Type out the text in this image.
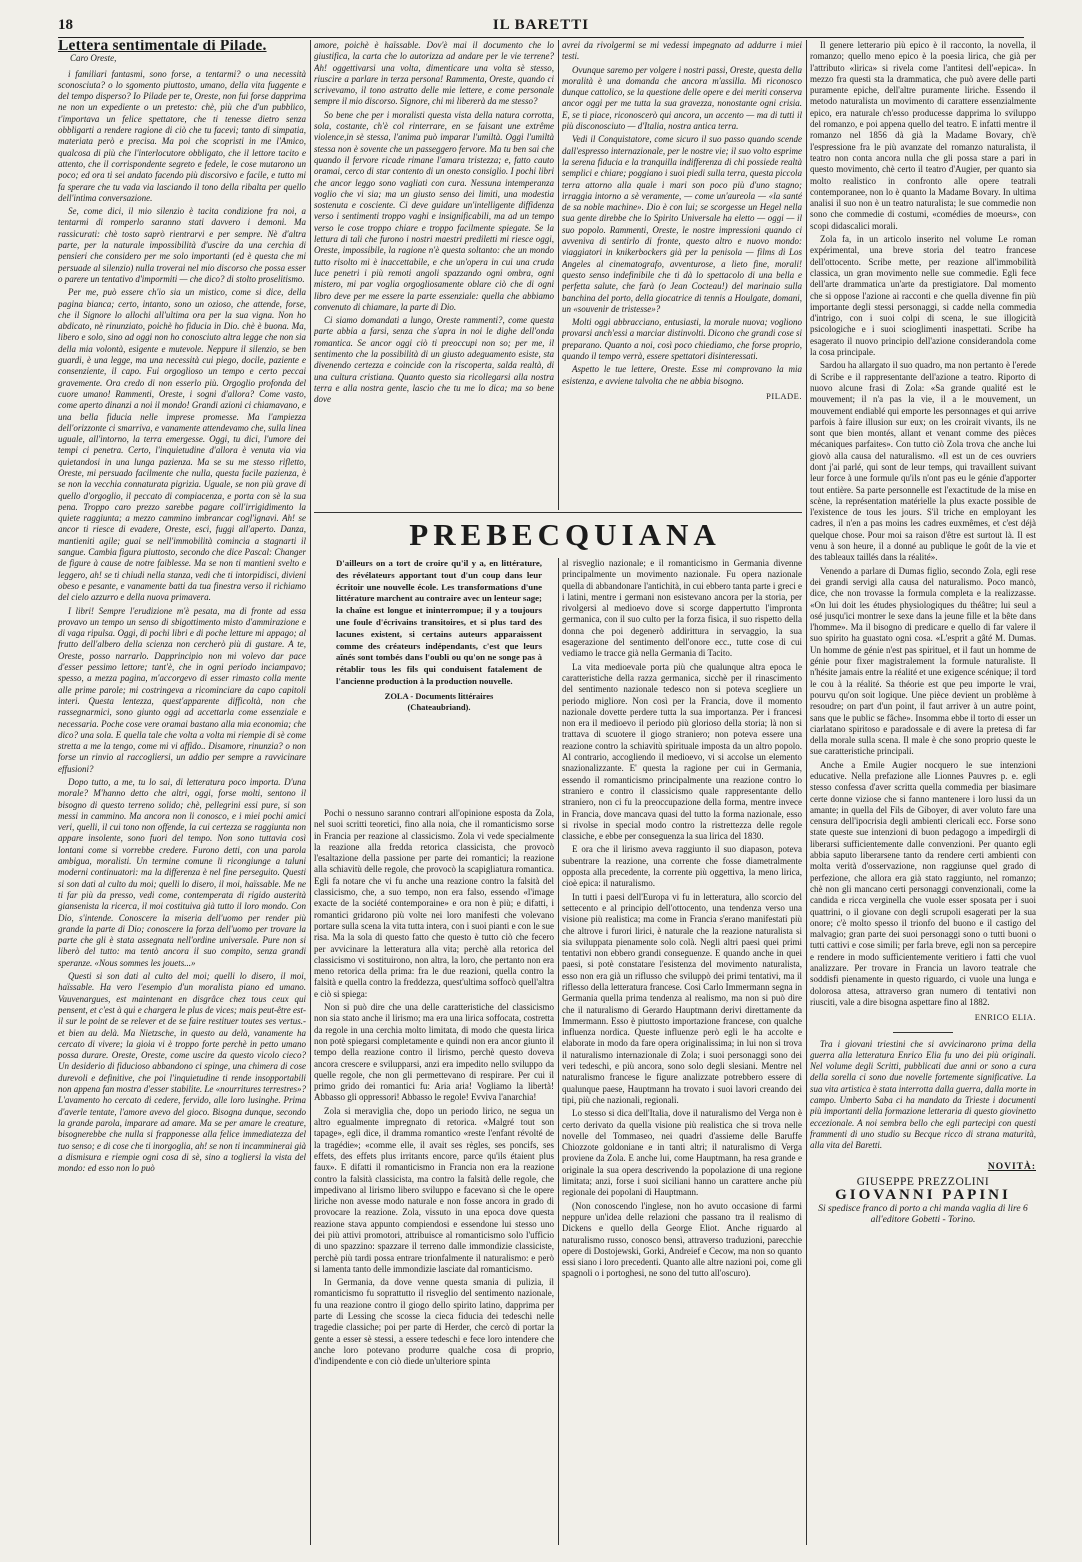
18	IL BARETTI

Lettera sentimentale di Pilade.

Caro Oreste,

i familiari fantasmi, sono forse, a tentarmi? o una necessità sconosciuta? o lo sgomento piuttosto, umano, della vita fuggente e del tempo disperso? Io Pilade per te, Oreste, non fui forse dapprima ne non un expediente o un pretesto: chè, più che d'un pubblico, t'importava un felice spettatore, che ti tenesse dietro senza obbligarti a rendere ragione di ciò che tu facevi; tanto di simpatia, materiata però e precisa. Ma poi che scopristi in me l'Amico, qualcosa di più che l'interlocutore obbligato, che il lettore tacito e attento, che il corrispondente segreto e fedele, le cose mutarono un poco; ed ora ti sei andato facendo più discorsivo e facile, e tutto mi fa sperare che tu vada via lasciando il tono della ribalta per quello dell'intima conversazione.

Se, come dici, il mio silenzio è tacita condizione fra noi, a tentarmi di romperlo saranno stati davvero i demoni. Ma rassicurati: chè tosto saprò rientrarvi e per sempre. Nè d'altra parte, per la naturale impossibilità d'uscire da una cerchia di pensieri che considero per me solo importanti (ed è questa che mi persuade al silenzio) nulla troverai nel mio discorso che possa esser o parere un tentativo d'impormiti — che dico? di stolto proselitismo.

Per me, può essere ch'io sia un mistico, come si dice, della pagina bianca; certo, intanto, sono un ozioso, che attende, forse, che il Signore lo allochi all'ultima ora per la sua vigna. Non ho abdicato, nè rinunziato, poichè ho fiducia in Dio. chè è buona. Ma, libero e solo, sino ad oggi non ho conosciuto altra legge che non sia della mia volontà, esigente e mutevole. Neppure il silenzio, se ben guardi, è una legge, ma una necessità cui piego, docile, paziente e consenziente, il capo. Fui orgoglioso un tempo e certo peccai gravemente. Ora credo di non esserlo più. Orgoglio profonda del cuore umano! Rammenti, Oreste, i sogni d'allora? Come vasto, come aperto dinanzi a noi il mondo! Grandi azioni ci chiamavano, e una bella fiducia nelle imprese promesse. Ma l'ampiezza dell'orizzonte ci smarriva, e vanamente attendevamo che, sulla linea uguale, all'intorno, la terra emergesse. Oggi, tu dici, l'umore dei tempi ci penetra. Certo, l'inquietudine d'allora è venuta via via quietandosi in una lunga pazienza. Ma se su me stesso rifletto, Oreste, mi persuado facilmente che nulla, questa facile pazienza, è se non la vecchia connaturata pigrizia. Uguale, se non più grave di quello d'orgoglio, il peccato di compiacenza, e porta con sè la sua pena. Troppo caro prezzo sarebbe pagare coll'irrigidimento la quiete raggiunta; a mezzo cammino imbrancar cogl'ignavi. Ah! se ancor ti riesce di evadere, Oreste, esci, fuggi all'aperto. Danza, mantieniti agile; guai se nell'immobilità comincia a stagnarti il sangue. Cambia figura piuttosto, secondo che dice Pascal: Changer de figure à cause de notre faiblesse. Ma se non ti mantieni svelto e leggero, ah! se ti chiudi nella stanza, vedi che ti intorpidisci, divieni obeso e pesante, e vanamente batti da tua finestra verso il richiamo del cielo azzurro e della nuova primavera.

I libri! Sempre l'erudizione m'è pesata, ma di fronte ad essa provavo un tempo un senso di sbigottimento misto d'ammirazione e di vaga ripulsa. Oggi, di pochi libri e di poche letture mi appago; al frutto dell'albero della scienza non cercherò più di gustare. A te, Oreste, posso narrarlo. Dapprincipio non mi volevo dar pace d'esser pessimo lettore; tant'è, che in ogni periodo inciampavo; spesso, a mezza pagina, m'accorgevo di esser rimasto colla mente alle prime parole; mi costringeva a ricominciare da capo capitoli interi. Questa lentezza, quest'apparente difficoltà, non che rassegnarmici, sono giunto oggi ad accettarla come essenziale e necessaria. Poche cose vere oramai bastano alla mia economia; che dico? una sola. E quella tale che volta a volta mi riempie di sè come stretta a me la tengo, come mi vi affido.. Disamore, rinunzia? o non forse un rinvio al raccogliersi, un addio per sempre a ravvicinare effusioni?

Dopo tutto, a me, tu lo sai, di letteratura poco importa. D'una morale? M'hanno detto che altri, oggi, forse molti, sentono il bisogno di questo terreno solido; chè, pellegrini essi pure, si son messi in cammino. Ma ancora non li conosco, e i miei pochi amici veri, quelli, il cui tono non offende, la cui certezza se raggiunta non appare insolente, sono fuori del tempo. Non sono tuttavia così lontani come si vorrebbe credere. Furono detti, con una parola ambigua, moralisti. Un termine comune li ricongiunge a taluni moderni continuatori: ma la differenza è nel fine perseguito. Questi si son dati al culto du moi; quelli lo disero, il moi, haïssable. Me ne ti far più da presso, vedi come, contemperata di rigido austerità giansenista la ricerca, il moi costituiva già tutto il loro mondo. Con Dio, s'intende. Conoscere la miseria dell'uomo per render più grande la parte di Dio; conoscere la forza dell'uomo per trovare la parte che gli è stata assegnata nell'ordine universale. Pure non si liberò del tutto: ma tentò ancora il suo compito, senza grandi speranze. «Nous sommes les jouets...»

Questi si son dati al culto del moi; quelli lo disero, il moi, haïssable. Ha vero l'esempio d'un moralista piano ed umano. Vauvenargues, est maintenant en disgrâce chez tous ceux qui pensent, et c'est à qui e chargera le plus de vices; mais peut-être est-il sur le point de se relever et de se faire restituer toutes ses vertus.- et bien au delà. Ma Nietzsche, in questo au delà, vanamente ha cercato di vivere; la gioia vi è troppo forte perchè in petto umano possa durare. Oreste, Oreste, come uscire da questo vicolo cieco? Un desiderio di fiducioso abbandono ci spinge, una chimera di cose durevoli e definitive, che poi l'inquietudine ti rende insopportabili non appena fan mostra d'esser stabilite. Le «nourritures terrestres»? L'avamento ho cercato di cedere, fervido, alle loro lusinghe. Prima d'averle tentate, l'amore avevo del gioco. Bisogna dunque, secondo la grande parola, imparare ad amare. Ma se per amare le creature, bisognerebbe che nulla si frapponesse alla felice immediatezza del tuo senso; e di cose che ti inorgoglia, ah! se non ti incamminerai già a dismisura e riempie ogni cosa di sè, sino a togliersi la vista del mondo: ed esso non lo può

amore, poichè è haïssable. Dov'è mai il documento che lo giustifica, la carta che lo autorizza ad andare per le vie terrene? Ah! oggettivarsi una volta, dimenticare una volta sè stesso, riuscire a parlare in terza persona! Rammenta, Oreste, quando ci scrivevamo, il tono astratto delle mie lettere, e come personale sempre il mio discorso. Signore, chi mi libererà da me stesso?

So bene che per i moralisti questa vista della natura corrotta, sola, costante, ch'è col rinterrare, en se faisant une extrême violence,in sè stessa, l'anima può imparar l'umiltà. Oggi l'umiltà stessa non è sovente che un passeggero fervore. Ma tu ben sai che quando il fervore ricade rimane l'amara tristezza; e, fatto cauto oramai, cerco di star contento di un onesto consiglio. I pochi libri che ancor leggo sono vagliati con cura. Nessuna intemperanza voglio che vi sia; ma un giusto senso dei limiti, una modestia sostenuta e cosciente. Ci deve guidare un'intelligente diffidenza verso i sentimenti troppo vaghi e insignificabili, ma ad un tempo verso le cose troppo chiare e troppo facilmente spiegate. Se la lettura di tali che furono i nostri maestri prediletti mi riesce oggi, Oreste, impossibile, la ragione n'è questa soltanto: che un mondo tutto risolto mi è inaccettabile, e che un'opera in cui una cruda luce penetri i più remoti angoli spazzando ogni ombra, ogni mistero, mi par voglia orgogliosamente oblare ciò che di ogni libro deve per me essere la parte essenziale: quella che abbiamo convenuto di chiamare, la parte di Dio.

Ci siamo domandati a lungo, Oreste rammenti?, come questa parte abbia a farsi, senza che s'apra in noi le dighe dell'onda romantica. Se ancor oggi ciò ti preoccupi non so; per me, il sentimento che la possibilità di un giusto adeguamento esiste, sta divenendo certezza e coincide con la riscoperta, salda realtà, di una cultura cristiana. Quanto questo sia ricollegarsi alla nostra terra e alla nostra gente, lascio che tu me lo dica; ma so bene dove

avrei da rivolgermi se mi vedessi impegnato ad addurre i miei testi.

Ovunque saremo per volgere i nostri passi, Oreste, questa della moralità è una domanda che ancora m'assilla. Mi riconosco dunque cattolico, se la questione delle opere e dei meriti conserva ancor oggi per me tutta la sua gravezza, nonostante ogni crisia. E, se ti piace, riconoscerò qui ancora, un accento — ma di tutti il più disconosciuto — d'Italia, nostra antica terra.

Vedi il Conquistatore, come sicuro il suo passo quando scende dall'espresso internazionale, per le nostre vie; il suo volto esprime la serena fiducia e la tranquilla indifferenza di chi possiede realtà semplici e chiare; poggiano i suoi piedi sulla terra, questa piccola terra attorno alla quale i mari son poco più d'uno stagno; irraggia intorno a sè veramente, — come un'aureola — «la santé de sa noble machine». Dio è con lui; se scorgesse un Hegel nella sua gente direbbe che lo Spirito Universale ha eletto — oggi — il suo popolo. Rammenti, Oreste, le nostre impressioni quando ci avveniva di sentirlo di fronte, questo altro e nuovo mondo: viaggiatori in knikerbockers già per la penisola — films di Los Angeles al cinematografo, avventurose, a lieto fine, morali! questo senso indefinibile che ti dà lo spettacolo di una bella e perfetta salute, che farà (o Jean Cocteau!) del marinaio sulla banchina del porto, della giocatrice di tennis a Houlgate, domani, un «souvenir de tristesse»?

Molti oggi abbracciano, entusiasti, la morale nuova; vogliono provarsi anch'essi a marciar distinvolti. Dicono che grandi cose si preparano. Quanto a noi, così poco chiediamo, che forse proprio, quando il tempo verrà, essere spettatori disinteressati.

Aspetto le tue lettere, Oreste. Esse mi comprovano la mia esistenza, e avviene talvolta che ne abbia bisogno.

PILADE.

Il genere letterario più epico è il racconto, la novella, il romanzo; quello meno epico è la poesia lirica, che già per l'attributo «lirica» si rivela come l'antitesi dell'«epica». In mezzo fra questi sta la drammatica, che può avere delle parti puramente epiche, dell'altre puramente liriche. Essendo il metodo naturalista un movimento di carattere essenzialmente epico, era naturale ch'esso producesse dapprima lo sviluppo del romanzo, e poi appena quello del teatro. E infatti mentre il romanzo nel 1856 dà già la Madame Bovary, ch'è l'espressione fra le più avanzate del romanzo naturalista, il teatro non conta ancora nulla che gli possa stare a pari in questo movimento, chè certo il teatro d'Augier, per quanto sia molto realistico in confronto alle opere teatrali contemporanee, non lo è quanto la Madame Bovary. In ultima analisi il suo non è un teatro naturalista; le sue commedie non sono che commedie di costumi, «comédies de moeurs», con scopi didascalici morali.

Zola fa, in un articolo inserito nel volume Le roman expérimental, una breve storia del teatro francese dell'ottocento. Scribe mette, per reazione all'immobilità classica, un gran movimento nelle sue commedie. Egli fece dell'arte drammatica un'arte da prestigiatore. Dal momento che si oppose l'azione ai racconti e che quella divenne fin più importante degli stessi personaggi, si cadde nella commedia d'intrigo, con i suoi colpi di scena, le sue illogicità psicologiche e i suoi scioglimenti inaspettati. Scribe ha esagerato il nuovo principio dell'azione considerandola come la cosa principale.

Sardou ha allargato il suo quadro, ma non pertanto è l'erede di Scribe e il rappresentante dell'azione a teatro. Riporto di nuovo alcune frasi di Zola: «Sa grande qualité est le mouvement; il n'a pas la vie, il a le mouvement, un mouvement endiablé qui emporte les personnages et qui arrive parfois à faire illusion sur eux; on les croirait vivants, ils ne sont que bien montés, allant et venant comme des pièces mécaniques parfaites». Con tutto ciò Zola trova che anche lui giovò alla causa del naturalismo. «Il est un de ces ouvriers dont j'ai parlé, qui sont de leur temps, qui travaillent suivant leur force à une formule qu'ils n'ont pas eu le génie d'apporter tout entière. Sa parte personnelle est l'exactitude de la mise en scène, la représentation matérielle la plus exacte possible de l'existence de tous les jours. S'il triche en employant les cadres, il n'en a pas moins les cadres euxmêmes, et c'est déjà quelque chose. Pour moi sa raison d'être est surtout là. Il est venu à son heure, il a donné au publique le goût de la vie et des tableaux taillés dans la réalité».

Venendo a parlare di Dumas figlio, secondo Zola, egli rese dei grandi servigi alla causa del naturalismo. Poco mancò, dice, che non trovasse la formula completa e la realizzasse. «On lui doit les études physiologiques du théâtre; lui seul a osé jusqu'ici montrer le sexe dans la jeune fille et la bête dans l'homme». Ma il bisogno di predicare e quello di far valere il suo spirito ha guastato ogni cosa. «L'esprit a gâté M. Dumas. Un homme de génie n'est pas spirituel, et il faut un homme de génie pour fixer magistralement la formule naturaliste. Il n'hésite jamais entre la réalité et une exigence scénique; il tord le cou à la réalité. Sa théorie est que peu importe le vrai, pourvu qu'on soit logique. Une pièce devient un problème à resoudre; on part d'un point, il faut arriver à un autre point, sans que le public se fâche». Insomma ebbe il torto di esser un ciarlatano spiritoso e paradossale e di avere la pretesa di far della morale sulla scena. Il male è che sono proprio queste le sue caratteristiche principali.

Anche a Emile Augier nocquero le sue intenzioni educative. Nella prefazione alle Lionnes Pauvres p. e. egli stesso confessa d'aver scritta quella commedia per biasimare certe donne viziose che si fanno mantenere i loro lussi da un amante; in quella del Fils de Giboyer, di aver voluto fare una censura dell'ipocrisia degli ambienti clericali ecc. Forse sono state queste sue intenzioni di buon pedagogo a impedirgli di liberarsi sufficientemente dalle convenzioni. Per quanto egli abbia saputo liberarsene tanto da rendere certi ambienti con molta verità d'osservazione, non raggiunse quel grado di perfezione, che allora era già stato raggiunto, nel romanzo; chè non gli mancano certi personaggi convenzionali, come la candida e ricca verginella che vuole esser sposata per i suoi quattrini, o il giovane con degli scrupoli esagerati per la sua onore; c'è molto spesso il trionfo del buono e il castigo del malvagio; gran parte dei suoi personaggi sono o tutti buoni o tutti cattivi e cose simili; per farla breve, egli non sa percepire e rendere in modo sufficientemente veritiero i fatti che vuol analizzare. Per trovare in Francia un lavoro teatrale che soddisfi pienamente in questo riguardo, ci vuole una lunga e dolorosa attesa, attraverso gran numero di tentativi non riusciti, vale a dire bisogna aspettare fino al 1882.

ENRICO ELIA.

Tra i giovani triestini che si avvicinarono prima della guerra alla letteratura Enrico Elia fu uno dei più originali. Nel volume degli Scritti, pubblicati due anni or sono a cura della sorella ci sono due novelle fortemente significative. La sua vita artistica è stata interrotta dalla guerra, dalla morte in campo. Umberto Saba ci ha mandato da Trieste i documenti più importanti della formazione letteraria di questo giovinetto eccezionale. A noi sembra bello che egli partecipi con questi frammenti di uno studio su Becque ricco di strana maturità, alla vita del Baretti.

NOVITÀ:
GIUSEPPE PREZZOLINI
GIOVANNI PAPINI
Si spedisce franco di porto a chi manda vaglia di lire 6 all'editore Gobetti - Torino.
PREBECQUIANA
D'ailleurs on a tort de croire qu'il y a, en littérature, des révélateurs apportant tout d'un coup dans leur écritoir une nouvelle école. Les transformations d'une littérature marchent au contraire avec un lenteur sage; la chaîne est longue et ininterrompue; il y a toujours une foule d'écrivains transitoires, et si plus tard des lacunes existent, si certains auteurs apparaissent comme des créateurs indépendants, c'est que leurs aînés sont tombés dans l'oubli ou qu'on ne songe pas à rétablir tous les fils qui conduisent fatalement de l'ancienne production à la production nouvelle.
ZOLA - Documents littéraires
(Chateaubriand).

Pochi o nessuno saranno contrari all'opinione esposta da Zola, nel suoi scritti teoretici, fino alla noia, che il romanticismo sorse in Francia per reazione al classicismo. Zola vi vede specialmente la reazione alla fredda retorica classicista, che provocò l'esaltazione della passione per parte dei romantici; la reazione alla schiavitù delle regole, che provocò la scapigliatura romantica. Egli fa notare che vi fu anche una reazione contro la falsità del classicismo, che, a suo tempo, non era falso, essendo «l'image exacte de la société contemporaine» e ora non è più; e difatti, i romantici gridarono più volte nei loro manifesti che volevano portare sulla scena la vita tutta intera, con i suoi pianti e con le sue risa. Ma la sola di questo fatto che questo è tutto ciò che fecero per avvicinare la letteratura alla vita; perchè alla retorica del classicismo vi sostituirono, non altra, la loro, che pertanto non era meno retorica della prima: fra le due reazioni, quella contro la falsità e quella contro la freddezza, quest'ultima soffocò quell'altra e ciò si spiega:

Non si può dire che una delle caratteristiche del classicismo non sia stato anche il lirismo; ma era una lirica soffocata, costretta da regole in una cerchia molto limitata, di modo che questa lirica non potè spiegarsi completamente e quindi non era ancor giunto il tempo della reazione contro il lirismo, perchè questo doveva ancora crescere e svilupparsi, anzi era impedito nello sviluppo da quelle regole, che non gli permettevano di respirare. Per cui il primo grido dei romantici fu: Aria aria! Vogliamo la libertà! Abbasso gli oppressori! Abbasso le regole! Evviva l'anarchia!

Zola si meraviglia che, dopo un periodo lirico, ne segua un altro egualmente impregnato di retorica. «Malgré tout son tapage», egli dice, il dramma romantico «reste l'enfant révolté de la tragédie»; «comme elle, il avait ses règles, ses poncifs, ses effets, des effets plus irritants encore, parce qu'ils étaient plus faux». E difatti il romanticismo in Francia non era la reazione contro la falsità classicista, ma contro la falsità delle regole, che impedivano al lirismo libero sviluppo e facevano sì che le opere liriche non avesse modo naturale e non fosse ancora in grado di provocare la reazione. Zola, vissuto in una epoca dove questa reazione stava appunto compiendosi e essendone lui stesso uno dei più attivi promotori, attribuisce al romanticismo solo l'ufficio di uno spazzino: spazzare il terreno dalle immondizie classiciste, perchè più tardi possa entrare trionfalmente il naturalismo: e però si lamenta tanto delle immondizie lasciate dal romanticismo.

In Germania, da dove venne questa smania di pulizia, il romanticismo fu soprattutto il risveglio del sentimento nazionale, fu una reazione contro il giogo dello spirito latino, dapprima per parte di Lessing che scosse la cieca fiducia dei tedeschi nelle tragedie classiche; poi per parte di Herder, che cercò di portar la gente a esser sè stessi, a essere tedeschi e fece loro intendere che anche loro potevano produrre qualche cosa di proprio, d'indipendente e con ciò diede un'ulteriore spinta

al risveglio nazionale; e il romanticismo in Germania divenne principalmente un movimento nazionale. Fu opera nazionale quella di abbandonare l'antichità, in cui ebbero tanta parte i greci e i latini, mentre i germani non esistevano ancora per la storia, per rivolgersi al medioevo dove si scorge dappertutto l'impronta germanica, con il suo culto per la forza fisica, il suo rispetto della donna che poi degenerò addirittura in servaggio, la sua esagerazione del sentimento dell'onore ecc., tutte cose di cui vediamo le tracce già nella Germania di Tacito.

La vita medioevale porta più che qualunque altra epoca le caratteristiche della razza germanica, sicchè per il rinascimento del sentimento nazionale tedesco non si poteva scegliere un periodo migliore. Non così per la Francia, dove il momento nazionale dovette perdere tutta la sua importanza. Per i francesi non era il medioevo il periodo più glorioso della storia; là non si trattava di scuotere il giogo straniero; non poteva essere una reazione contro la schiavitù spirituale imposta da un altro popolo. Al contrario, accogliendo il medioevo, vi si accolse un elemento snazionalizzante. E' questa la ragione per cui in Germania, essendo il romanticismo principalmente una reazione contro lo straniero e contro il classicismo quale rappresentante dello straniero, non ci fu la preoccupazione della forma, mentre invece in Francia, dove mancava quasi del tutto la forma nazionale, esso si rivolse in special modo contro la ristrettezza delle regole classiche, e ebbe per conseguenza la sua lirica del 1830.

E ora che il lirismo aveva raggiunto il suo diapason, poteva subentrare la reazione, una corrente che fosse diametralmente opposta alla precedente, la corrente più oggettiva, la meno lirica, cioè epica: il naturalismo.

In tutti i paesi dell'Europa vi fu in letteratura, allo scorcio del settecento e al principio dell'ottocento, una tendenza verso una visione più realistica; ma come in Francia s'erano manifestati più che altrove i furori lirici, è naturale che la reazione naturalista si sia sviluppata pienamente solo colà. Negli altri paesi quei primi tentativi non ebbero grandi conseguenze. E quando anche in quei paesi, si potè constatare l'esistenza del movimento naturalista, esso non era già un riflusso che sviluppò dei primi tentativi, ma il riflesso della letteratura francese. Così Carlo Immermann segna in Germania quella prima tendenza al realismo, ma non si può dire che il naturalismo di Gerardo Hauptmann derivi direttamente da Immermann. Esso è piuttosto importazione francese, con qualche influenza nordica. Queste influenze però egli le ha accolte e elaborate in modo da fare opera originalissima; in lui non si trova il naturalismo internazionale di Zola; i suoi personaggi sono dei veri tedeschi, e più ancora, sono solo degli slesiani. Mentre nel naturalismo francese le figure analizzate potrebbero essere di qualunque paese, Hauptmann ha trovato i suoi lavori creando dei tipi, più che nazionali, regionali.

Lo stesso si dica dell'Italia, dove il naturalismo del Verga non è certo derivato da quella visione più realistica che si trova nelle novelle del Tommaseo, nei quadri d'assieme delle Baruffe Chiozzote goldoniane e in tanti altri; il naturalismo di Verga proviene da Zola. E anche lui, come Hauptmann, ha resa grande e originale la sua opera descrivendo la popolazione di una regione limitata; anzi, forse i suoi siciliani hanno un carattere anche più regionale dei popolani di Hauptmann.

(Non conoscendo l'inglese, non ho avuto occasione di farmi neppure un'idea delle relazioni che passano tra il realismo di Dickens e quello della George Eliot. Anche riguardo al naturalismo russo, conosco bensì, attraverso traduzioni, parecchie opere di Dostojewski, Gorki, Andreief e Cecow, ma non so quanto essi siano i loro precedenti. Quanto alle altre nazioni poi, come gli spagnoli o i portoghesi, ne sono del tutto all'oscuro).
